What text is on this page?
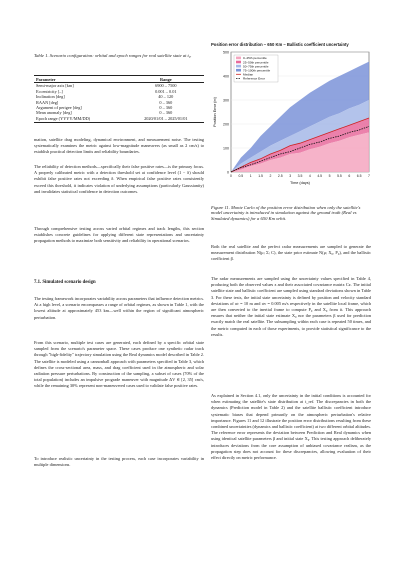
Table 1. Scenario configuration: orbital and epoch ranges for real satellite state at t₀.
Parameter	Range
Semi-major axis [km]	6900 – 7500
Eccentricity [–]	0.001 – 0.01
Inclination [deg]	40 – 120
RAAN [deg]	0 – 360
Argument of perigee [deg]	0 – 360
Mean anomaly [deg]	0 – 360
Epoch range (YYYY/MM/DD)	2020/01/01 – 2025/01/01

mation, satellite drag modeling, dynamical environment, and measurement noise. The testing systematically examines the metric against low-magnitude maneuvers (as small as 2 cm/s) to establish practical detection limits and reliability boundaries.

The reliability of detection methods—specifically their false positive rates—is the primary focus. A properly calibrated metric with a detection threshold set at confidence level (1 − δ) should exhibit false positive rates not exceeding δ. When empirical false positive rates consistently exceed this threshold, it indicates violation of underlying assumptions (particularly Gaussianity) and invalidates statistical confidence in detection outcomes.

Through comprehensive testing across varied orbital regimes and track lengths, this section establishes concrete guidelines for applying different state representations and uncertainty propagation methods to maximize both sensitivity and reliability in operational scenarios.

7.1. Simulated scenario design

The testing framework incorporates variability across parameters that influence detection metrics. At a high level, a scenario encompasses a range of orbital regimes, as shown in Table 1, with the lowest altitude at approximately 453 km—well within the region of significant atmospheric perturbation.

From this scenario, multiple test cases are generated, each defined by a specific orbital state sampled from the scenario's parameter space. These cases produce one synthetic radar track through "high-fidelity" trajectory simulation using the Real dynamics model described in Table 2. The satellite is modeled using a cannonball approach with parameters specified in Table 3, which defines the cross-sectional area, mass, and drag coefficient used in the atmospheric and solar radiation pressure perturbations. By construction of the sampling, a subset of cases (70% of the total population) includes an impulsive prograde maneuver with magnitude ΔV ∈ [2, 35] cm/s, while the remaining 30% represent non-maneuvered cases used to validate false positive rates.

To introduce realistic uncertainty in the testing process, each case incorporates variability in multiple dimensions.

Position error distribution – 650 Km – Ballistic coefficient uncertainty
0
100
200
300
400
500
0 0.5 1 1.5 2 2.5 3 3.5 4 4.5 5 5.5 6 6.5 7
Time (days)
Position Error (m)
0–25th percentile
25–50th percentile
50–75th percentile
75–100th percentile
Median
Reference Error
Figure 11. Monte Carlo of the position error distribution when only the satellite's model uncertainty is introduced in simulation against the ground truth (Real vs Simulated dynamics) for a 650 Km orbit.

Both the real satellite and the perfect radar measurements are sampled to generate the measurement distribution N(μ; Σ; C), the state prior estimate N(μ; X₀, P₀), and the ballistic coefficient β.

The radar measurements are sampled using the uncertainty values specified in Table 4, producing both the observed values z and their associated covariance matrix Cz. The initial satellite state and ballistic coefficient are sampled using standard deviations shown in Table 3. For these tests, the initial state uncertainty is defined by position and velocity standard deviations of σr = 10 m and σv = 0.005 m/s respectively in the satellite local frame, which are then converted to the inertial frame to compute P₀ and X₀ from it. This approach ensures that neither the initial state estimate X₀ nor the parameters β used for prediction exactly match the real satellite. The subsampling within each case is repeated 50 times, and the metric computed in each of those experiments, to provide statistical significance to the results.

As explained in Section 4.1, only the uncertainty in the initial conditions is accounted for when estimating the satellite's state distribution at t_ref. The discrepancies in both the dynamics (Prediction model in Table 2) and the satellite ballistic coefficient introduce systematic biases that depend primarily on the atmospheric perturbation's relative importance. Figures 11 and 12 illustrate the position error distributions resulting from these combined uncertainties (dynamics and ballistic coefficient) at two different orbital altitudes. The reference error represents the deviation between Prediction and Real dynamics when using identical satellite parameters β and initial state X₀. This testing approach deliberately introduces deviations from the core assumption of unbiased covariance realism, as the propagation step does not account for these discrepancies, allowing evaluation of their effect directly on metric performance.
